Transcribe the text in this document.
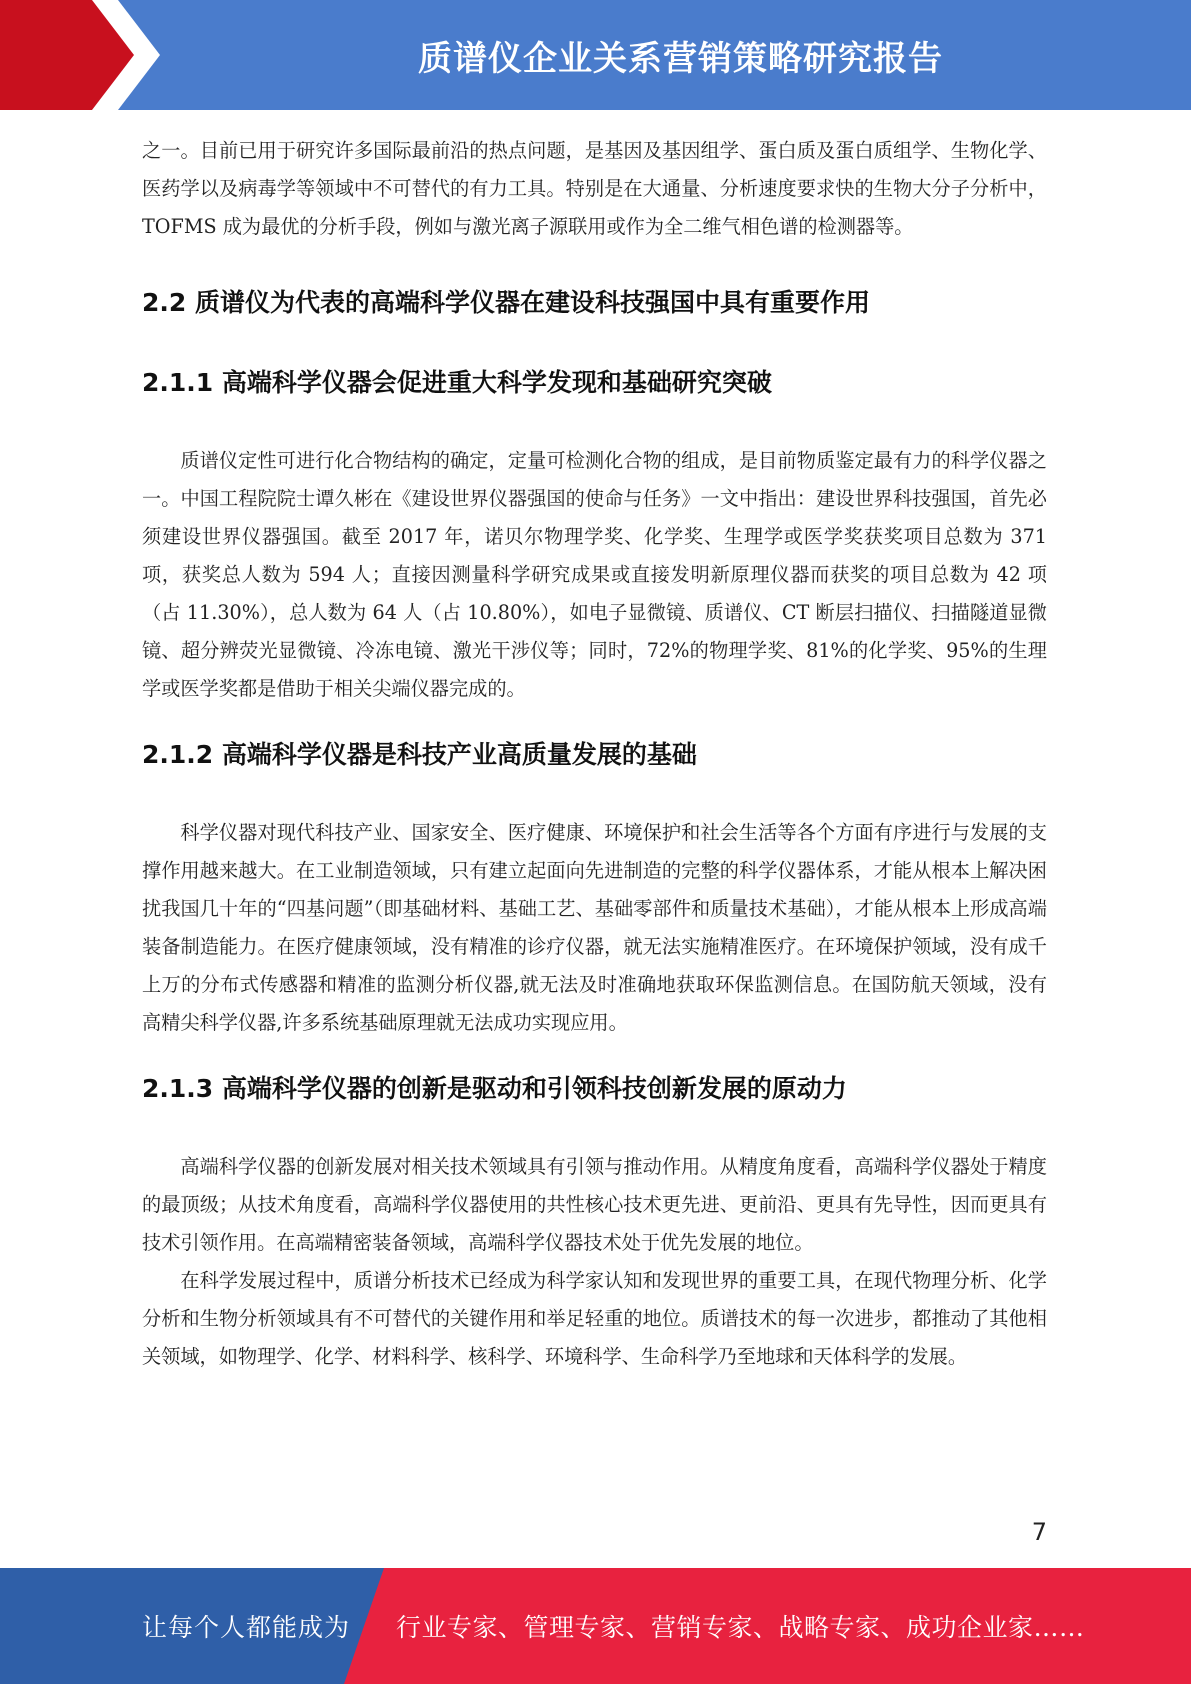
质谱仪企业关系营销策略研究报告

之一。目前已用于研究许多国际最前沿的热点问题，是基因及基因组学、蛋白质及蛋白质组学、生物化学、医药学以及病毒学等领域中不可替代的有力工具。特别是在大通量、分析速度要求快的生物大分子分析中，TOFMS 成为最优的分析手段，例如与激光离子源联用或作为全二维气相色谱的检测器等。

2.2 质谱仪为代表的高端科学仪器在建设科技强国中具有重要作用
2.1.1 高端科学仪器会促进重大科学发现和基础研究突破

质谱仪定性可进行化合物结构的确定，定量可检测化合物的组成，是目前物质鉴定最有力的科学仪器之一。中国工程院院士谭久彬在《建设世界仪器强国的使命与任务》一文中指出：建设世界科技强国，首先必须建设世界仪器强国。截至 2017 年，诺贝尔物理学奖、化学奖、生理学或医学奖获奖项目总数为 371 项，获奖总人数为 594 人；直接因测量科学研究成果或直接发明新原理仪器而获奖的项目总数为 42 项（占 11.30%），总人数为 64 人（占 10.80%），如电子显微镜、质谱仪、CT 断层扫描仪、扫描隧道显微镜、超分辨荧光显微镜、冷冻电镜、激光干涉仪等；同时，72%的物理学奖、81%的化学奖、95%的生理学或医学奖都是借助于相关尖端仪器完成的。

2.1.2 高端科学仪器是科技产业高质量发展的基础

科学仪器对现代科技产业、国家安全、医疗健康、环境保护和社会生活等各个方面有序进行与发展的支撑作用越来越大。在工业制造领域，只有建立起面向先进制造的完整的科学仪器体系，才能从根本上解决困扰我国几十年的“四基问题”（即基础材料、基础工艺、基础零部件和质量技术基础），才能从根本上形成高端装备制造能力。在医疗健康领域，没有精准的诊疗仪器，就无法实施精准医疗。在环境保护领域，没有成千上万的分布式传感器和精准的监测分析仪器,就无法及时准确地获取环保监测信息。在国防航天领域，没有高精尖科学仪器,许多系统基础原理就无法成功实现应用。

2.1.3 高端科学仪器的创新是驱动和引领科技创新发展的原动力

高端科学仪器的创新发展对相关技术领域具有引领与推动作用。从精度角度看，高端科学仪器处于精度的最顶级；从技术角度看，高端科学仪器使用的共性核心技术更先进、更前沿、更具有先导性，因而更具有技术引领作用。在高端精密装备领域，高端科学仪器技术处于优先发展的地位。

在科学发展过程中，质谱分析技术已经成为科学家认知和发现世界的重要工具，在现代物理分析、化学分析和生物分析领域具有不可替代的关键作用和举足轻重的地位。质谱技术的每一次进步，都推动了其他相关领域，如物理学、化学、材料科学、核科学、环境科学、生命科学乃至地球和天体科学的发展。

7
让每个人都能成为 行业专家、管理专家、营销专家、战略专家、成功企业家……
